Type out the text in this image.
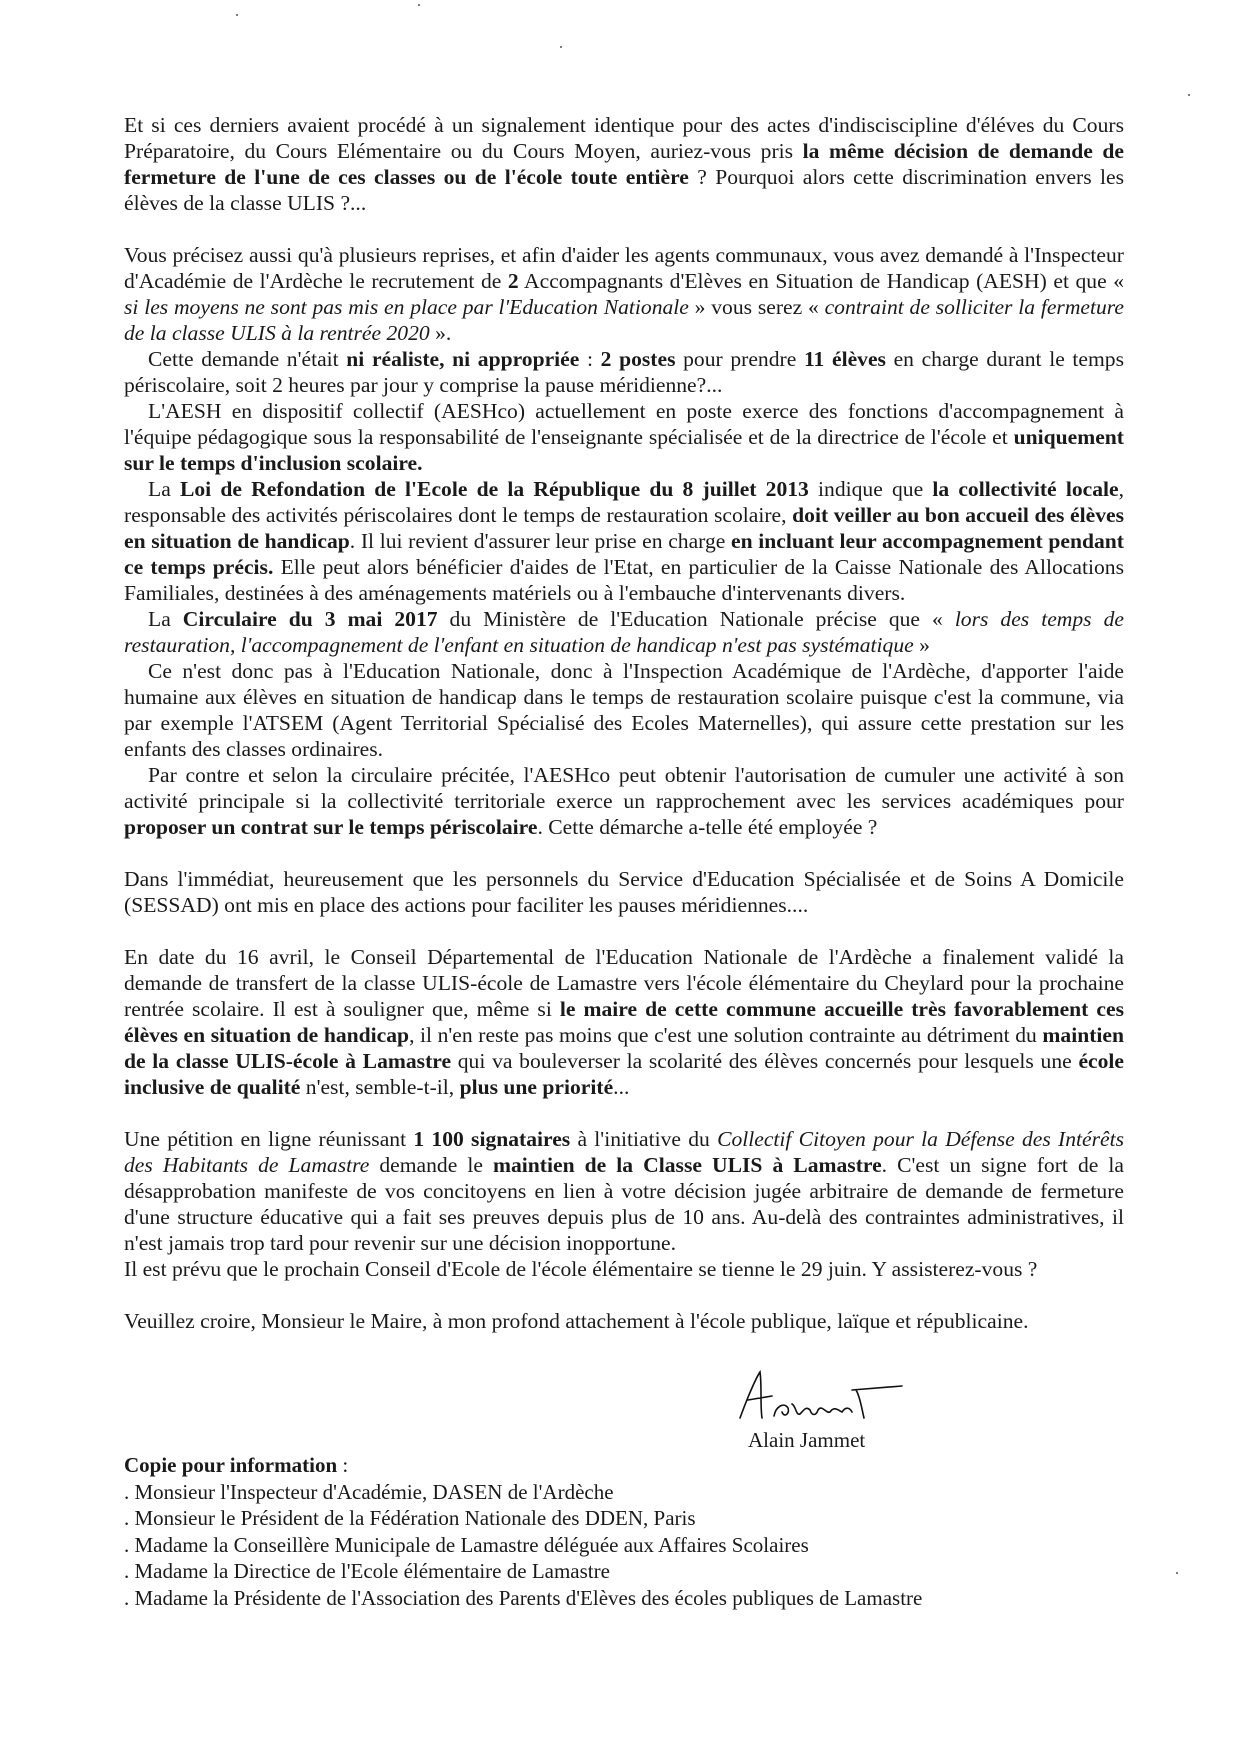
Et si ces derniers avaient procédé à un signalement identique pour des actes d'indisciscipline d'éléves du Cours Préparatoire, du Cours Elémentaire ou du Cours Moyen, auriez-vous pris la même décision de demande de fermeture de l'une de ces classes ou de l'école toute entière ? Pourquoi alors cette discrimination envers les élèves de la classe ULIS ?...

Vous précisez aussi qu'à plusieurs reprises, et afin d'aider les agents communaux, vous avez demandé à l'Inspecteur d'Académie de l'Ardèche le recrutement de 2 Accompagnants d'Elèves en Situation de Handicap (AESH) et que « si les moyens ne sont pas mis en place par l'Education Nationale » vous serez « contraint de solliciter la fermeture de la classe ULIS à la rentrée 2020 ».

Cette demande n'était ni réaliste, ni appropriée : 2 postes pour prendre 11 élèves en charge durant le temps périscolaire, soit 2 heures par jour y comprise la pause méridienne?...

L'AESH en dispositif collectif (AESHco) actuellement en poste exerce des fonctions d'accompagnement à l'équipe pédagogique sous la responsabilité de l'enseignante spécialisée et de la directrice de l'école et uniquement sur le temps d'inclusion scolaire.

La Loi de Refondation de l'Ecole de la République du 8 juillet 2013 indique que la collectivité locale, responsable des activités périscolaires dont le temps de restauration scolaire, doit veiller au bon accueil des élèves en situation de handicap. Il lui revient d'assurer leur prise en charge en incluant leur accompagnement pendant ce temps précis. Elle peut alors bénéficier d'aides de l'Etat, en particulier de la Caisse Nationale des Allocations Familiales, destinées à des aménagements matériels ou à l'embauche d'intervenants divers.

La Circulaire du 3 mai 2017 du Ministère de l'Education Nationale précise que « lors des temps de restauration, l'accompagnement de l'enfant en situation de handicap n'est pas systématique »

Ce n'est donc pas à l'Education Nationale, donc à l'Inspection Académique de l'Ardèche, d'apporter l'aide humaine aux élèves en situation de handicap dans le temps de restauration scolaire puisque c'est la commune, via par exemple l'ATSEM (Agent Territorial Spécialisé des Ecoles Maternelles), qui assure cette prestation sur les enfants des classes ordinaires.

Par contre et selon la circulaire précitée, l'AESHco peut obtenir l'autorisation de cumuler une activité à son activité principale si la collectivité territoriale exerce un rapprochement avec les services académiques pour proposer un contrat sur le temps périscolaire. Cette démarche a-telle été employée ?

Dans l'immédiat, heureusement que les personnels du Service d'Education Spécialisée et de Soins A Domicile (SESSAD) ont mis en place des actions pour faciliter les pauses méridiennes....

En date du 16 avril, le Conseil Départemental de l'Education Nationale de l'Ardèche a finalement validé la demande de transfert de la classe ULIS-école de Lamastre vers l'école élémentaire du Cheylard pour la prochaine rentrée scolaire. Il est à souligner que, même si le maire de cette commune accueille très favorablement ces élèves en situation de handicap, il n'en reste pas moins que c'est une solution contrainte au détriment du maintien de la classe ULIS-école à Lamastre qui va bouleverser la scolarité des élèves concernés pour lesquels une école inclusive de qualité n'est, semble-t-il, plus une priorité...

Une pétition en ligne réunissant 1 100 signataires à l'initiative du Collectif Citoyen pour la Défense des Intérêts des Habitants de Lamastre demande le maintien de la Classe ULIS à Lamastre. C'est un signe fort de la désapprobation manifeste de vos concitoyens en lien à votre décision jugée arbitraire de demande de fermeture d'une structure éducative qui a fait ses preuves depuis plus de 10 ans. Au-delà des contraintes administratives, il n'est jamais trop tard pour revenir sur une décision inopportune.

Il est prévu que le prochain Conseil d'Ecole de l'école élémentaire se tienne le 29 juin. Y assisterez-vous ?

Veuillez croire, Monsieur le Maire, à mon profond attachement à l'école publique, laïque et républicaine.

Alain Jammet
Copie pour information :
. Monsieur l'Inspecteur d'Académie, DASEN de l'Ardèche
. Monsieur le Président de la Fédération Nationale des DDEN, Paris
. Madame la Conseillère Municipale de Lamastre déléguée aux Affaires Scolaires
. Madame la Directice de l'Ecole élémentaire de Lamastre
. Madame la Présidente de l'Association des Parents d'Elèves des écoles publiques de Lamastre
